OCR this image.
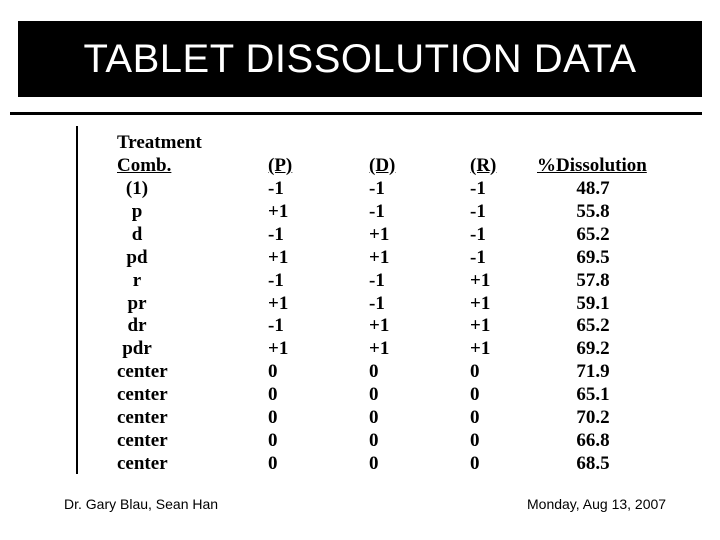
TABLET DISSOLUTION DATA
Treatment
Comb.	(P)	(D)	(R) %Dissolution
(1)	-1	-1	-1	48.7
p	+1	-1	-1	55.8
d	-1	+1	-1	65.2
pd	+1	+1	-1	69.5
r	-1	-1	+1	57.8
pr	+1	-1	+1	59.1
dr	-1	+1	+1	65.2
pdr	+1	+1	+1	69.2
center	0	0	0	71.9
center	0	0	0	65.1
center	0	0	0	70.2
center	0	0	0	66.8
center	0	0	0	68.5
Dr. Gary Blau, Sean Han	Monday, Aug 13, 2007
